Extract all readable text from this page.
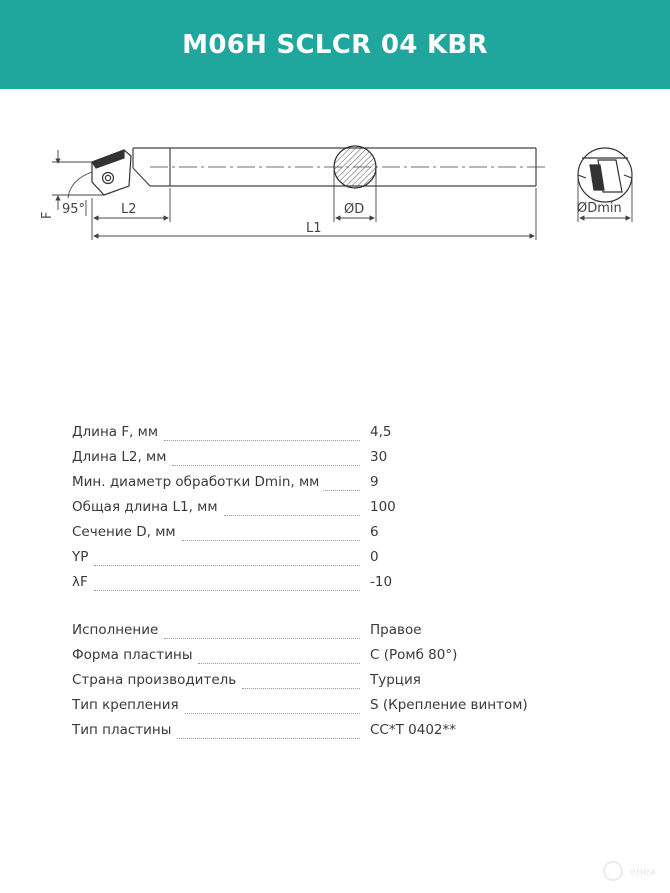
M06H SCLCR 04 KBR
F 95°	L2	ØD
L1
ØDmin
Длина F, мм	4,5
Длина L2, мм	30
Мин. диаметр обработки Dmin, мм	9
Общая длина L1, мм	100
Сечение D, мм	6
YP	0
λF	-10
Исполнение	Правое
Форма пластины	C (Ромб 80°)
Страна производитель	Турция
Тип крепления	S (Крепление винтом)
Тип пластины	CC*T 0402**
enex
